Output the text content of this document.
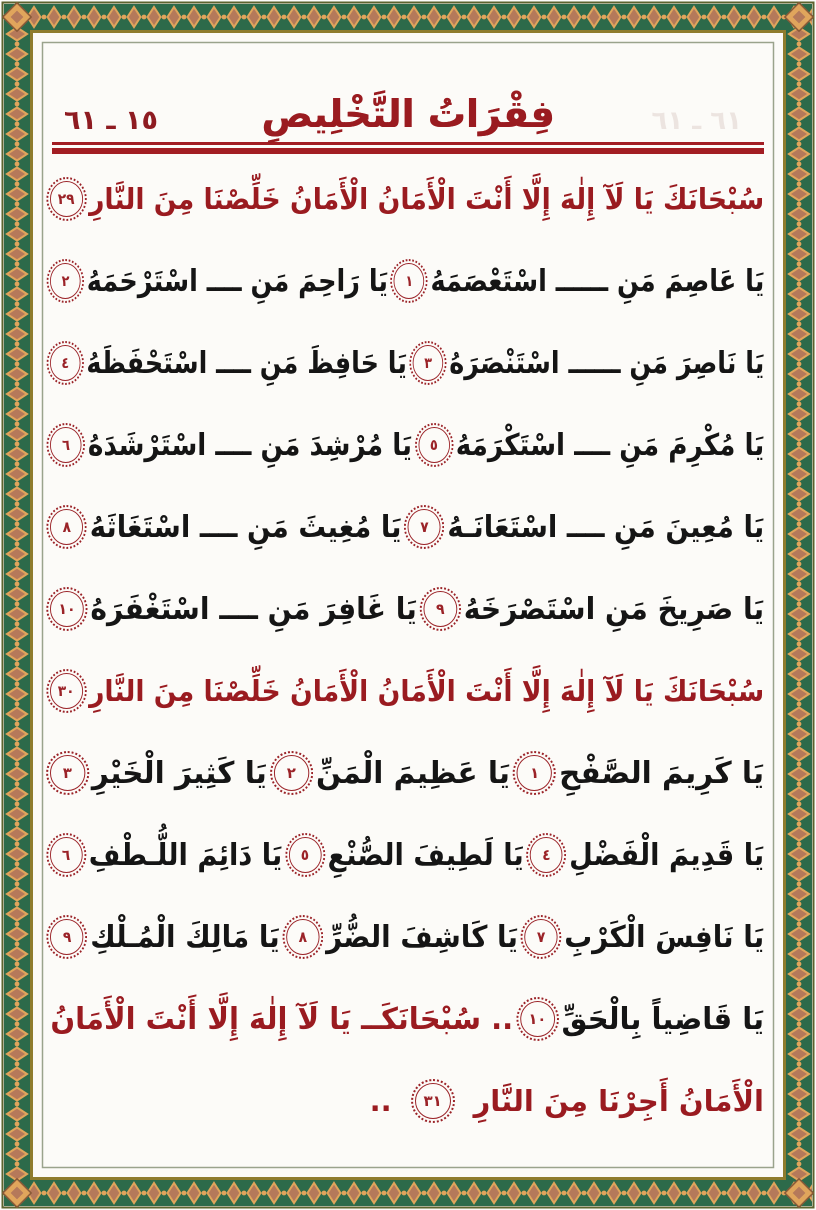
١٥ ـ ٦١	فِقْرَاتُ التَّخْلِيصِ	٦١ ـ ٦١
سُبْحَانَكَ يَا لَآ إِلٰهَ إِلَّا أَنْتَ الْأَمَانُ الْأَمَانُ خَلِّصْنَا مِنَ النَّارِ
٢٩
يَا عَاصِمَ مَنِ ــــــ اسْتَعْصَمَهُ
١
يَا رَاحِمَ مَنِ ــــ اسْتَرْحَمَهُ
٢
يَا نَاصِرَ مَنِ ــــــ اسْتَنْصَرَهُ
٣
يَا حَافِظَ مَنِ ــــ اسْتَحْفَظَهُ
٤
يَا مُكْرِمَ مَنِ ــــ اسْتَكْرَمَهُ
٥
يَا مُرْشِدَ مَنِ ــــ اسْتَرْشَدَهُ
٦
يَا مُعِينَ مَنِ ــــ اسْتَعَانَـهُ
٧
يَا مُغِيثَ مَنِ ــــ اسْتَغَاثَهُ
٨
يَا صَرِيخَ مَنِ اسْتَصْرَخَهُ
٩
يَا غَافِرَ مَنِ ــــ اسْتَغْفَرَهُ
١٠
سُبْحَانَكَ يَا لَآ إِلٰهَ إِلَّا أَنْتَ الْأَمَانُ الْأَمَانُ خَلِّصْنَا مِنَ النَّارِ
٣٠
يَا كَرِيمَ الصَّفْحِ
١
يَا عَظِيمَ الْمَنِّ
٢
يَا كَثِيرَ الْخَيْرِ
٣
يَا قَدِيمَ الْفَضْلِ
٤
يَا لَطِيفَ الصُّنْعِ
٥
يَا دَائِمَ اللُّـطْفِ
٦
يَا نَافِسَ الْكَرْبِ
٧
يَا كَاشِفَ الضُّرِّ
٨
يَا مَالِكَ الْمُـلْكِ
٩
يَا قَاضِياً بِالْحَقِّ
١٠
.. سُبْحَانَكَــ يَا لَآ إِلٰهَ إِلَّا أَنْتَ الْأَمَانُ
الْأَمَانُ أَجِرْنَا مِنَ النَّارِ
٣١
..
